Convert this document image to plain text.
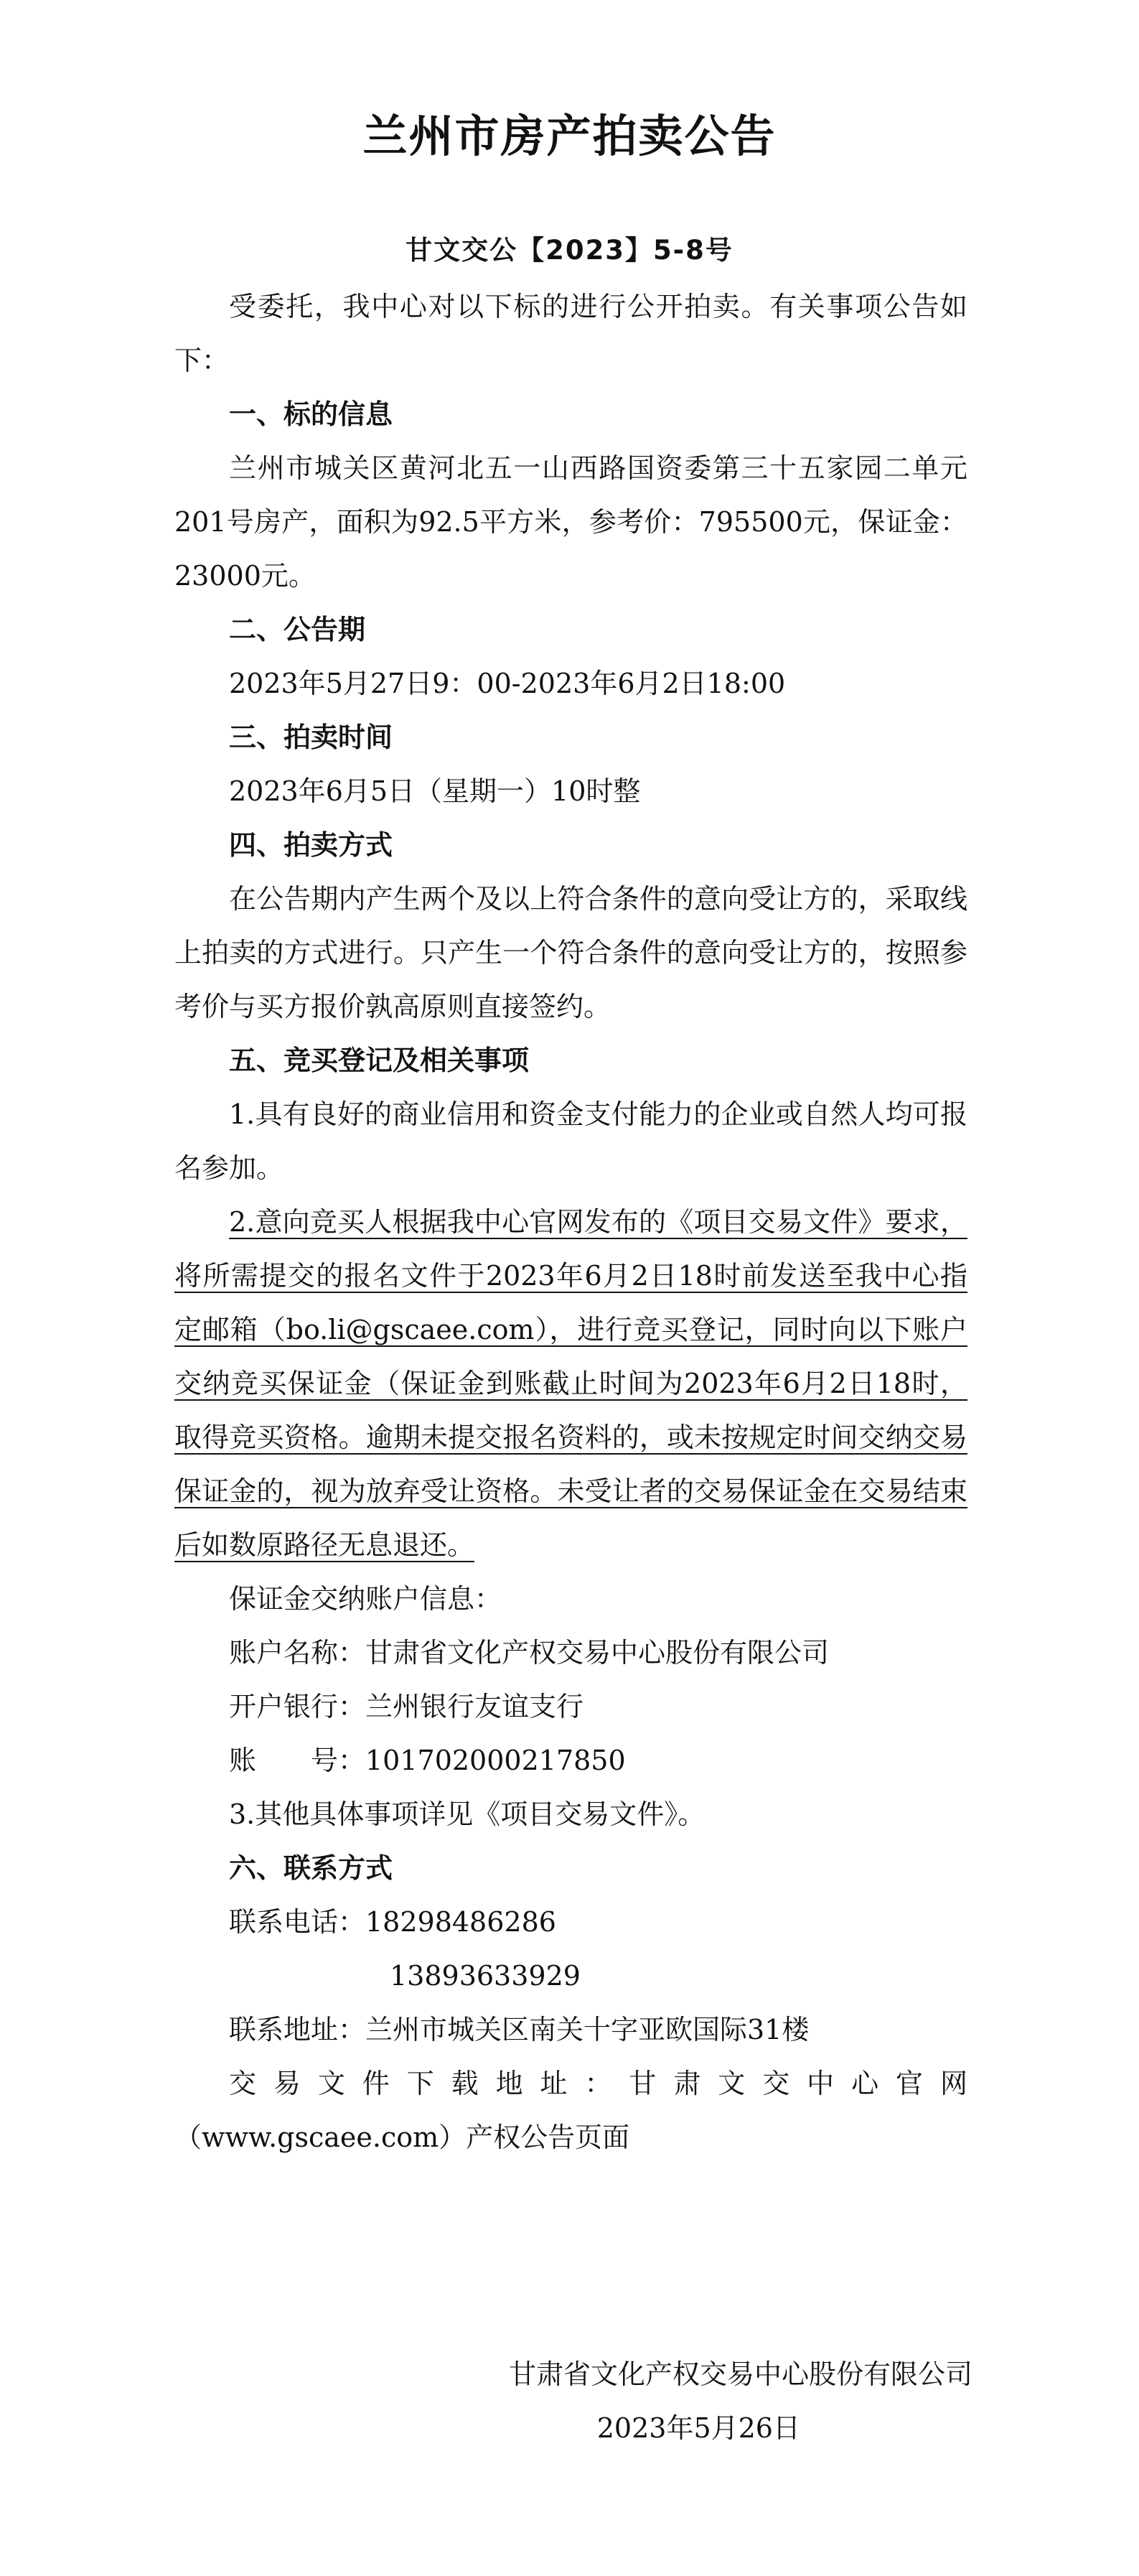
兰州市房产拍卖公告
甘文交公【2023】5-8号

受委托，我中心对以下标的进行公开拍卖。有关事项公告如下：

一、标的信息

兰州市城关区黄河北五一山西路国资委第三十五家园二单元201号房产，面积为92.5平方米，参考价：795500元，保证金：23000元。

二、公告期

2023年5月27日9：00-2023年6月2日18:00

三、拍卖时间

2023年6月5日（星期一）10时整

四、拍卖方式

在公告期内产生两个及以上符合条件的意向受让方的，采取线上拍卖的方式进行。只产生一个符合条件的意向受让方的，按照参考价与买方报价孰高原则直接签约。

五、竞买登记及相关事项

1.具有良好的商业信用和资金支付能力的企业或自然人均可报名参加。

2.意向竞买人根据我中心官网发布的《项目交易文件》要求，将所需提交的报名文件于2023年6月2日18时前发送至我中心指定邮箱（bo.li@gscaee.com），进行竞买登记，同时向以下账户交纳竞买保证金（保证金到账截止时间为2023年6月2日18时，取得竞买资格。逾期未提交报名资料的，或未按规定时间交纳交易保证金的，视为放弃受让资格。未受让者的交易保证金在交易结束后如数原路径无息退还。

保证金交纳账户信息：

账户名称：甘肃省文化产权交易中心股份有限公司

开户银行：兰州银行友谊支行

账　　号：101702000217850

3.其他具体事项详见《项目交易文件》。

六、联系方式

联系电话：18298486286

13893633929

联系地址：兰州市城关区南关十字亚欧国际31楼

交易文件下载地址：甘肃文交中心官网

（www.gscaee.com）产权公告页面

甘肃省文化产权交易中心股份有限公司
2023年5月26日
